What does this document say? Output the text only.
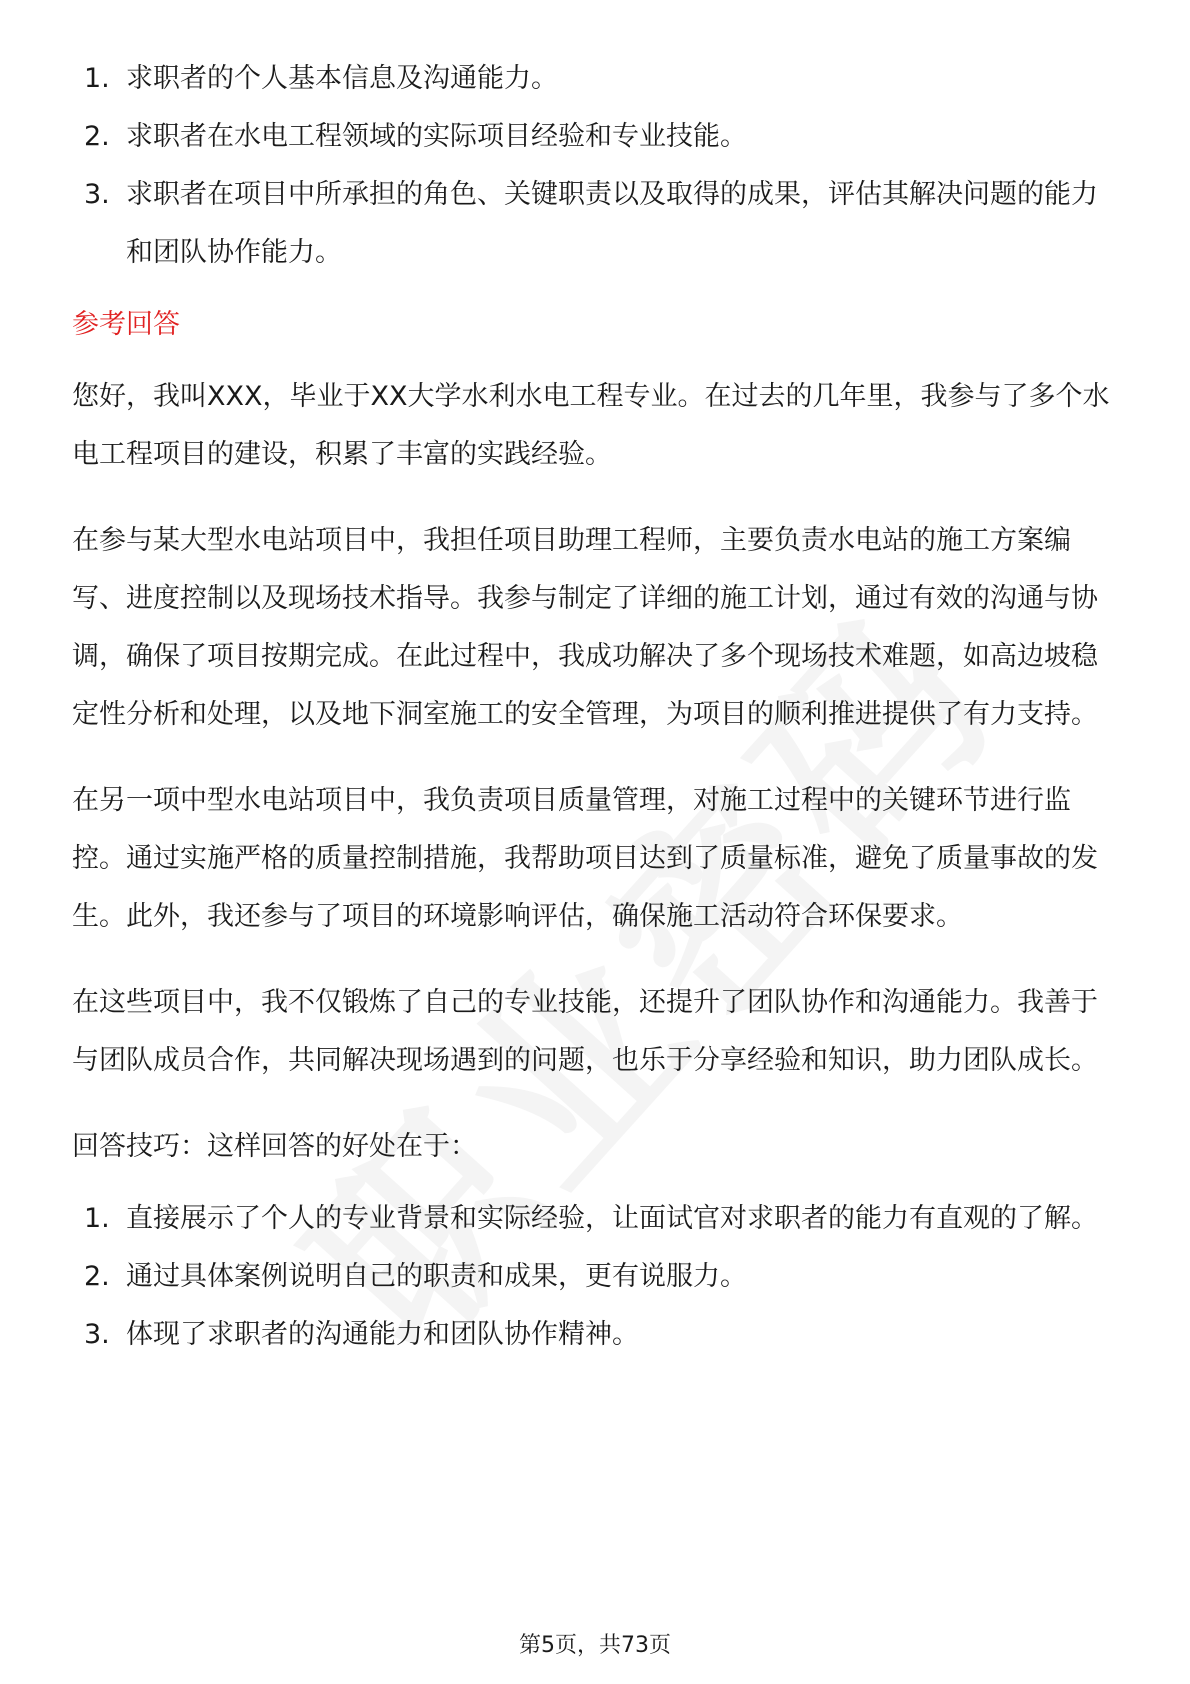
1. 求职者的个人基本信息及沟通能力。
2. 求职者在水电工程领域的实际项目经验和专业技能。
3. 求职者在项目中所承担的角色、关键职责以及取得的成果，评估其解决问题的能力和团队协作能力。
参考回答

您好，我叫XXX，毕业于XX大学水利水电工程专业。在过去的几年里，我参与了多个水电工程项目的建设，积累了丰富的实践经验。

在参与某大型水电站项目中，我担任项目助理工程师，主要负责水电站的施工方案编写、进度控制以及现场技术指导。我参与制定了详细的施工计划，通过有效的沟通与协调，确保了项目按期完成。在此过程中，我成功解决了多个现场技术难题，如高边坡稳定性分析和处理，以及地下洞室施工的安全管理，为项目的顺利推进提供了有力支持。

在另一项中型水电站项目中，我负责项目质量管理，对施工过程中的关键环节进行监控。通过实施严格的质量控制措施，我帮助项目达到了质量标准，避免了质量事故的发生。此外，我还参与了项目的环境影响评估，确保施工活动符合环保要求。

在这些项目中，我不仅锻炼了自己的专业技能，还提升了团队协作和沟通能力。我善于与团队成员合作，共同解决现场遇到的问题，也乐于分享经验和知识，助力团队成长。

回答技巧：这样回答的好处在于：

1. 直接展示了个人的专业背景和实际经验，让面试官对求职者的能力有直观的了解。
2. 通过具体案例说明自己的职责和成果，更有说服力。
3. 体现了求职者的沟通能力和团队协作精神。
第5页，共73页
